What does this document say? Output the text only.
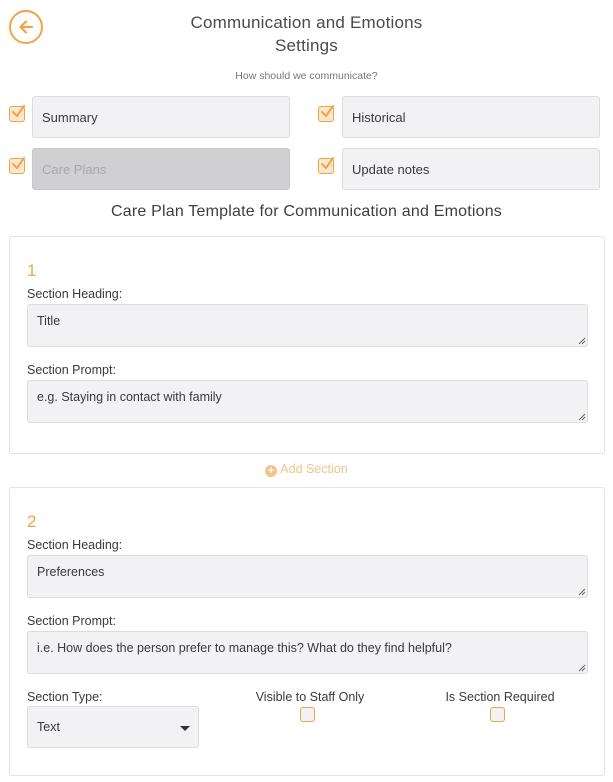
Communication and Emotions
Settings
How should we communicate?
Summary	Historical
Care Plans	Update notes
Care Plan Template for Communication and Emotions
1
Section Heading:
Title
Section Prompt:
e.g. Staying in contact with family
+ Add Section
2
Section Heading:
Preferences
Section Prompt:
i.e. How does the person prefer to manage this? What do they find helpful?
Section Type:
Text
Visible to Staff Only	Is Section Required
